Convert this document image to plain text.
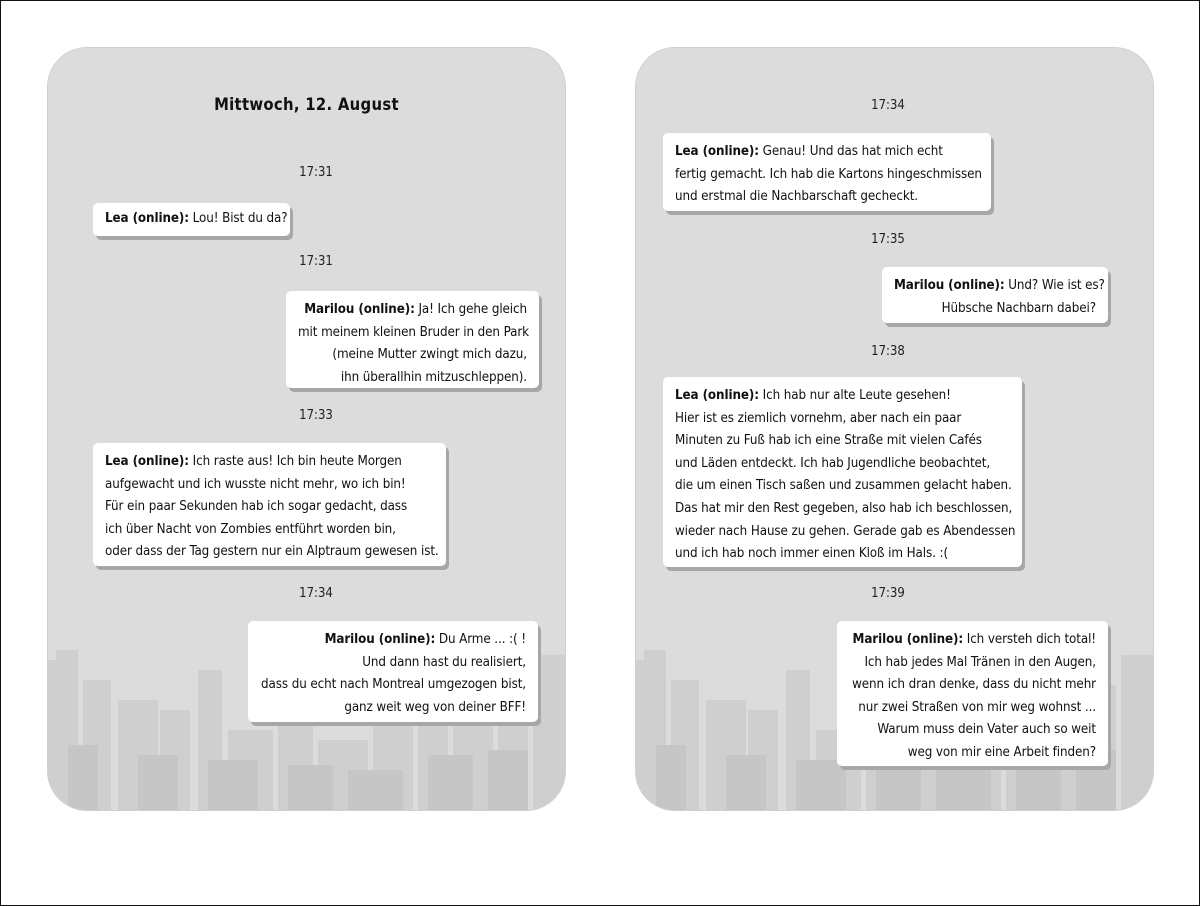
Mittwoch, 12. August
17:31
Lea (online): Lou! Bist du da?
17:31
Marilou (online): Ja! Ich gehe gleich
mit meinem kleinen Bruder in den Park
(meine Mutter zwingt mich dazu,
ihn überallhin mitzuschleppen).
17:33
Lea (online): Ich raste aus! Ich bin heute Morgen
aufgewacht und ich wusste nicht mehr, wo ich bin!
Für ein paar Sekunden hab ich sogar gedacht, dass
ich über Nacht von Zombies entführt worden bin,
oder dass der Tag gestern nur ein Alptraum gewesen ist.
17:34
Marilou (online): Du Arme ... :( !
Und dann hast du realisiert,
dass du echt nach Montreal umgezogen bist,
ganz weit weg von deiner BFF!
17:34
Lea (online): Genau! Und das hat mich echt
fertig gemacht. Ich hab die Kartons hingeschmissen
und erstmal die Nachbarschaft gecheckt.
17:35
Marilou (online): Und? Wie ist es?
Hübsche Nachbarn dabei?
17:38
Lea (online): Ich hab nur alte Leute gesehen!
Hier ist es ziemlich vornehm, aber nach ein paar
Minuten zu Fuß hab ich eine Straße mit vielen Cafés
und Läden entdeckt. Ich hab Jugendliche beobachtet,
die um einen Tisch saßen und zusammen gelacht haben.
Das hat mir den Rest gegeben, also hab ich beschlossen,
wieder nach Hause zu gehen. Gerade gab es Abendessen
und ich hab noch immer einen Kloß im Hals. :(
17:39
Marilou (online): Ich versteh dich total!
Ich hab jedes Mal Tränen in den Augen,
wenn ich dran denke, dass du nicht mehr
nur zwei Straßen von mir weg wohnst ...
Warum muss dein Vater auch so weit
weg von mir eine Arbeit finden?
